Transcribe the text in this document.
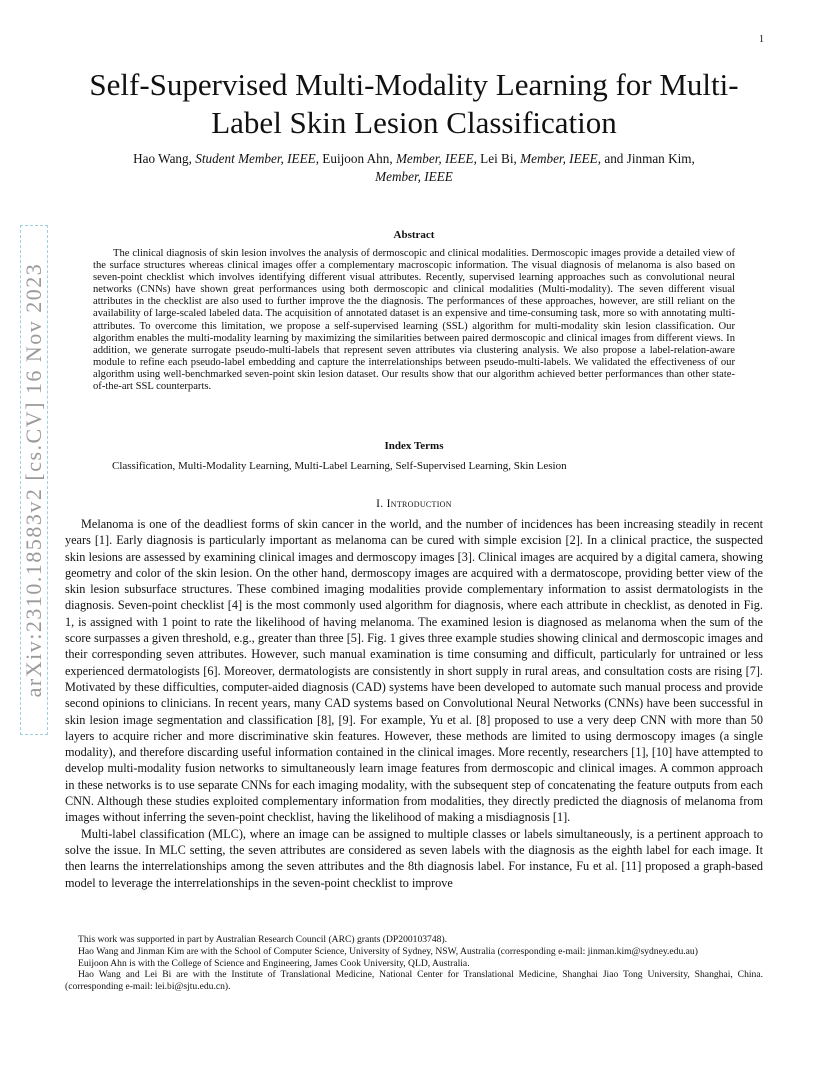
1
arXiv:2310.18583v2 [cs.CV] 16 Nov 2023
Self-Supervised Multi-Modality Learning for Multi-Label Skin Lesion Classification
Hao Wang, Student Member, IEEE, Euijoon Ahn, Member, IEEE, Lei Bi, Member, IEEE, and Jinman Kim,
Member, IEEE
Abstract

The clinical diagnosis of skin lesion involves the analysis of dermoscopic and clinical modalities. Dermoscopic images provide a detailed view of the surface structures whereas clinical images offer a complementary macroscopic information. The visual diagnosis of melanoma is also based on seven-point checklist which involves identifying different visual attributes. Recently, supervised learning approaches such as convolutional neural networks (CNNs) have shown great performances using both dermoscopic and clinical modalities (Multi-modality). The seven different visual attributes in the checklist are also used to further improve the the diagnosis. The performances of these approaches, however, are still reliant on the availability of large-scaled labeled data. The acquisition of annotated dataset is an expensive and time-consuming task, more so with annotating multi-attributes. To overcome this limitation, we propose a self-supervised learning (SSL) algorithm for multi-modality skin lesion classification. Our algorithm enables the multi-modality learning by maximizing the similarities between paired dermoscopic and clinical images from different views. In addition, we generate surrogate pseudo-multi-labels that represent seven attributes via clustering analysis. We also propose a label-relation-aware module to refine each pseudo-label embedding and capture the interrelationships between pseudo-multi-labels. We validated the effectiveness of our algorithm using well-benchmarked seven-point skin lesion dataset. Our results show that our algorithm achieved better performances than other state-of-the-art SSL counterparts.

Index Terms
Classification, Multi-Modality Learning, Multi-Label Learning, Self-Supervised Learning, Skin Lesion
I. Introduction

Melanoma is one of the deadliest forms of skin cancer in the world, and the number of incidences has been increasing steadily in recent years [1]. Early diagnosis is particularly important as melanoma can be cured with simple excision [2]. In a clinical practice, the suspected skin lesions are assessed by examining clinical images and dermoscopy images [3]. Clinical images are acquired by a digital camera, showing geometry and color of the skin lesion. On the other hand, dermoscopy images are acquired with a dermatoscope, providing better view of the skin lesion subsurface structures. These combined imaging modalities provide complementary information to assist dermatologists in the diagnosis. Seven-point checklist [4] is the most commonly used algorithm for diagnosis, where each attribute in checklist, as denoted in Fig. 1, is assigned with 1 point to rate the likelihood of having melanoma. The examined lesion is diagnosed as melanoma when the sum of the score surpasses a given threshold, e.g., greater than three [5]. Fig. 1 gives three example studies showing clinical and dermoscopic images and their corresponding seven attributes. However, such manual examination is time consuming and difficult, particularly for untrained or less experienced dermatologists [6]. Moreover, dermatologists are consistently in short supply in rural areas, and consultation costs are rising [7]. Motivated by these difficulties, computer-aided diagnosis (CAD) systems have been developed to automate such manual process and provide second opinions to clinicians. In recent years, many CAD systems based on Convolutional Neural Networks (CNNs) have been successful in skin lesion image segmentation and classification [8], [9]. For example, Yu et al. [8] proposed to use a very deep CNN with more than 50 layers to acquire richer and more discriminative skin features. However, these methods are limited to using dermoscopy images (a single modality), and therefore discarding useful information contained in the clinical images. More recently, researchers [1], [10] have attempted to develop multi-modality fusion networks to simultaneously learn image features from dermoscopic and clinical images. A common approach in these networks is to use separate CNNs for each imaging modality, with the subsequent step of concatenating the feature outputs from each CNN. Although these studies exploited complementary information from modalities, they directly predicted the diagnosis of melanoma from images without inferring the seven-point checklist, having the likelihood of making a misdiagnosis [1].

Multi-label classification (MLC), where an image can be assigned to multiple classes or labels simultaneously, is a pertinent approach to solve the issue. In MLC setting, the seven attributes are considered as seven labels with the diagnosis as the eighth label for each image. It then learns the interrelationships among the seven attributes and the 8th diagnosis label. For instance, Fu et al. [11] proposed a graph-based model to leverage the interrelationships in the seven-point checklist to improve

This work was supported in part by Australian Research Council (ARC) grants (DP200103748).

Hao Wang and Jinman Kim are with the School of Computer Science, University of Sydney, NSW, Australia (corresponding e-mail: jinman.kim@sydney.edu.au)

Euijoon Ahn is with the College of Science and Engineering, James Cook University, QLD, Australia.

Hao Wang and Lei Bi are with the Institute of Translational Medicine, National Center for Translational Medicine, Shanghai Jiao Tong University, Shanghai, China. (corresponding e-mail: lei.bi@sjtu.edu.cn).
